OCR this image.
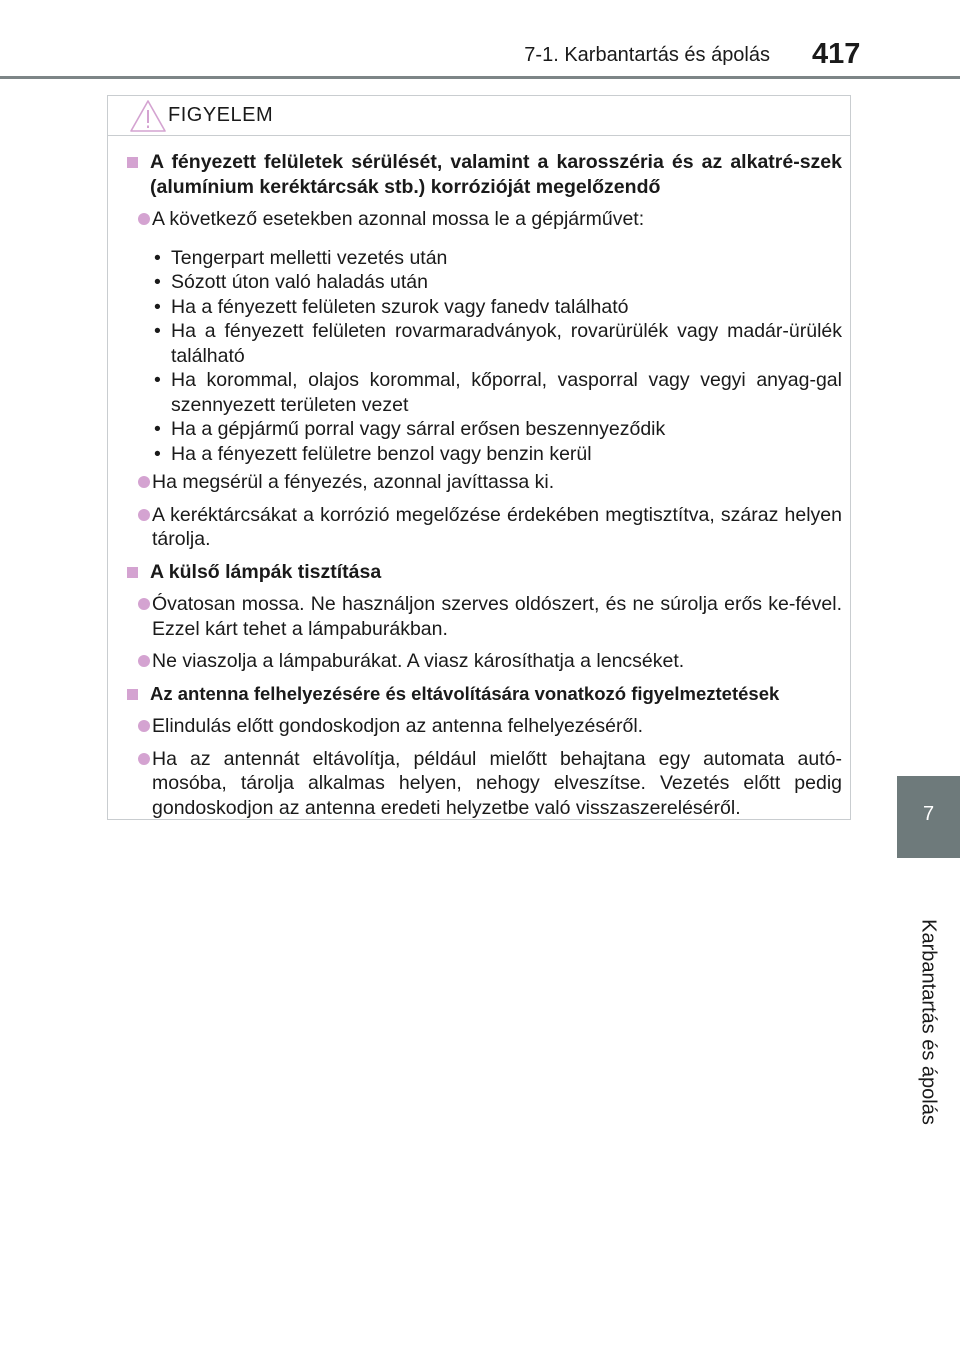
7-1. Karbantartás és ápolás 417
7
Karbantartás és ápolás
FIGYELEM
A fényezett felületek sérülését, valamint a karosszéria és az alkatré-szek (alumínium keréktárcsák stb.) korrózióját megelőzendő
A következő esetekben azonnal mossa le a gépjárművet:
• Tengerpart melletti vezetés után
• Sózott úton való haladás után
• Ha a fényezett felületen szurok vagy fanedv található
• Ha a fényezett felületen rovarmaradványok, rovarürülék vagy madár-ürülék található
• Ha korommal, olajos korommal, kőporral, vasporral vagy vegyi anyag-gal szennyezett területen vezet
• Ha a gépjármű porral vagy sárral erősen beszennyeződik
• Ha a fényezett felületre benzol vagy benzin kerül
Ha megsérül a fényezés, azonnal javíttassa ki.
A keréktárcsákat a korrózió megelőzése érdekében megtisztítva, száraz helyen tárolja.
A külső lámpák tisztítása
Óvatosan mossa. Ne használjon szerves oldószert, és ne súrolja erős ke-fével. Ezzel kárt tehet a lámpaburákban.
Ne viaszolja a lámpaburákat. A viasz károsíthatja a lencséket.
Az antenna felhelyezésére és eltávolítására vonatkozó figyelmeztetések
Elindulás előtt gondoskodjon az antenna felhelyezéséről.
Ha az antennát eltávolítja, például mielőtt behajtana egy automata autó-mosóba, tárolja alkalmas helyen, nehogy elveszítse. Vezetés előtt pedig gondoskodjon az antenna eredeti helyzetbe való visszaszereléséről.
